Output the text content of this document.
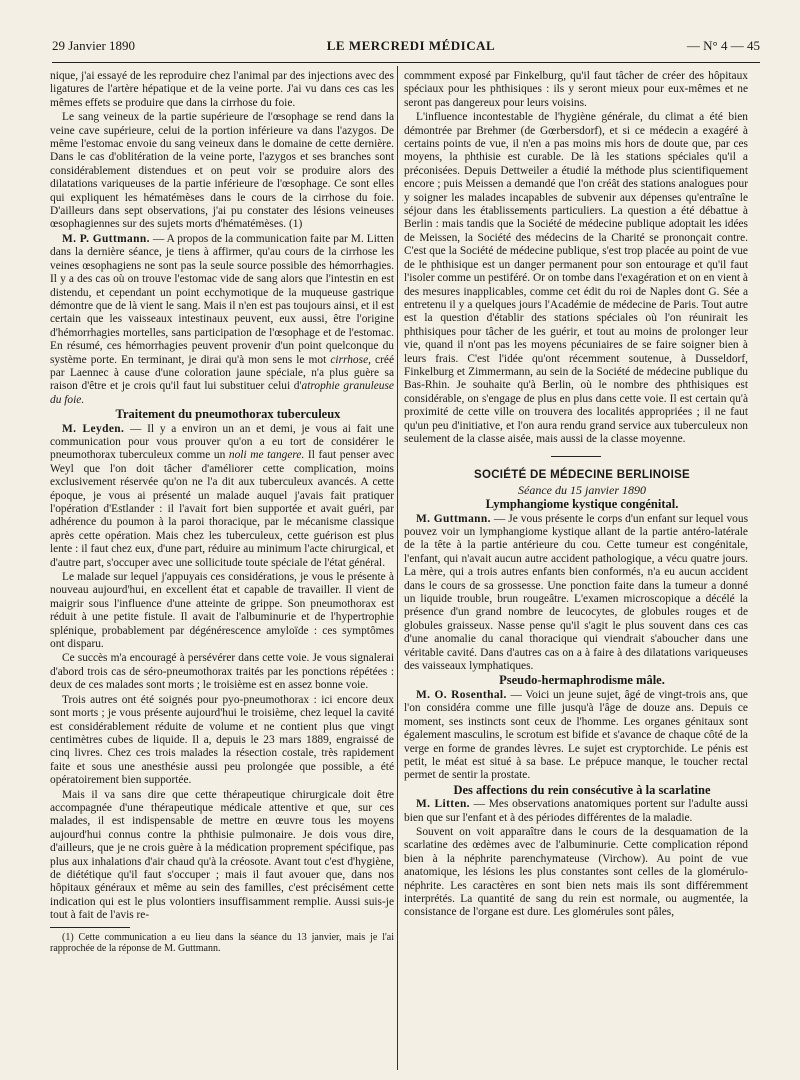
29 Janvier 1890	LE MERCREDI MÉDICAL	— N° 4 — 45

nique, j'ai essayé de les reproduire chez l'animal par des injections avec des ligatures de l'artère hépatique et de la veine porte. J'ai vu dans ces cas les mêmes effets se produire que dans la cirrhose du foie.

Le sang veineux de la partie supérieure de l'œsophage se rend dans la veine cave supérieure, celui de la portion inférieure va dans l'azygos. De même l'estomac envoie du sang veineux dans le domaine de cette dernière. Dans le cas d'oblitération de la veine porte, l'azygos et ses branches sont considérablement distendues et on peut voir se produire alors des dilatations variqueuses de la partie inférieure de l'œsophage. Ce sont elles qui expliquent les hématémèses dans le cours de la cirrhose du foie. D'ailleurs dans sept observations, j'ai pu constater des lésions veineuses œsophagiennes sur des sujets morts d'hématémèses. (1)

M. P. Guttmann. — A propos de la communication faite par M. Litten dans la dernière séance, je tiens à affirmer, qu'au cours de la cirrhose les veines œsophagiens ne sont pas la seule source possible des hémorrhagies. Il y a des cas où on trouve l'estomac vide de sang alors que l'intestin en est distendu, et cependant un point ecchymotique de la muqueuse gastrique démontre que de là vient le sang. Mais il n'en est pas toujours ainsi, et il est certain que les vaisseaux intestinaux peuvent, eux aussi, être l'origine d'hémorrhagies mortelles, sans participation de l'œsophage et de l'estomac. En résumé, ces hémorrhagies peuvent provenir d'un point quelconque du système porte. En terminant, je dirai qu'à mon sens le mot cirrhose, créé par Laennec à cause d'une coloration jaune spéciale, n'a plus guère sa raison d'être et je crois qu'il faut lui substituer celui d'atrophie granuleuse du foie.

Traitement du pneumothorax tuberculeux

M. Leyden. — Il y a environ un an et demi, je vous ai fait une communication pour vous prouver qu'on a eu tort de considérer le pneumothorax tuberculeux comme un noli me tangere. Il faut penser avec Weyl que l'on doit tâcher d'améliorer cette complication, moins exclusivement réservée qu'on ne l'a dit aux tuberculeux avancés. A cette époque, je vous ai présenté un malade auquel j'avais fait pratiquer l'opération d'Estlander : il l'avait fort bien supportée et avait guéri, par adhérence du poumon à la paroi thoracique, par le mécanisme classique après cette opération. Mais chez les tuberculeux, cette guérison est plus lente : il faut chez eux, d'une part, réduire au minimum l'acte chirurgical, et d'autre part, s'occuper avec une sollicitude toute spéciale de l'état général.

Le malade sur lequel j'appuyais ces considérations, je vous le présente à nouveau aujourd'hui, en excellent état et capable de travailler. Il vient de maigrir sous l'influence d'une atteinte de grippe. Son pneumothorax est réduit à une petite fistule. Il avait de l'albuminurie et de l'hypertrophie splénique, probablement par dégénérescence amyloïde : ces symptômes ont disparu.

Ce succès m'a encouragé à persévérer dans cette voie. Je vous signalerai d'abord trois cas de séro-pneumothorax traités par les ponctions répétées : deux de ces malades sont morts ; le troisième est en assez bonne voie.

Trois autres ont été soignés pour pyo-pneumothorax : ici encore deux sont morts ; je vous présente aujourd'hui le troisième, chez lequel la cavité est considérablement réduite de volume et ne contient plus que vingt centimètres cubes de liquide. Il a, depuis le 23 mars 1889, engraissé de cinq livres. Chez ces trois malades la résection costale, très rapidement faite et sous une anesthésie aussi peu prolongée que possible, a été opératoirement bien supportée.

Mais il va sans dire que cette thérapeutique chirurgicale doit être accompagnée d'une thérapeutique médicale attentive et que, sur ces malades, il est indispensable de mettre en œuvre tous les moyens aujourd'hui connus contre la phthisie pulmonaire. Je dois vous dire, d'ailleurs, que je ne crois guère à la médication proprement spécifique, pas plus aux inhalations d'air chaud qu'à la créosote. Avant tout c'est d'hygiène, de diététique qu'il faut s'occuper ; mais il faut avouer que, dans nos hôpitaux généraux et même au sein des familles, c'est précisément cette indication qui est le plus volontiers insuffisamment remplie. Aussi suis-je tout à fait de l'avis re-

(1) Cette communication a eu lieu dans la séance du 13 janvier, mais je l'ai rapprochée de la réponse de M. Guttmann.

commment exposé par Finkelburg, qu'il faut tâcher de créer des hôpitaux spéciaux pour les phthisiques : ils y seront mieux pour eux-mêmes et ne seront pas dangereux pour leurs voisins.

L'influence incontestable de l'hygiène générale, du climat a été bien démontrée par Brehmer (de Gœrbersdorf), et si ce médecin a exagéré à certains points de vue, il n'en a pas moins mis hors de doute que, par ces moyens, la phthisie est curable. De là les stations spéciales qu'il a préconisées. Depuis Dettweiler a étudié la méthode plus scientifiquement encore ; puis Meissen a demandé que l'on créât des stations analogues pour y soigner les malades incapables de subvenir aux dépenses qu'entraîne le séjour dans les établissements particuliers. La question a été débattue à Berlin : mais tandis que la Société de médecine publique adoptait les idées de Meissen, la Société des médecins de la Charité se prononçait contre. C'est que la Société de médecine publique, s'est trop placée au point de vue de le phthisique est un danger permanent pour son entourage et qu'il faut l'isoler comme un pestiféré. Or on tombe dans l'exagération et on en vient à des mesures inapplicables, comme cet édit du roi de Naples dont G. Sée a entretenu il y a quelques jours l'Académie de médecine de Paris. Tout autre est la question d'établir des stations spéciales où l'on réunirait les phthisiques pour tâcher de les guérir, et tout au moins de prolonger leur vie, quand il n'ont pas les moyens pécuniaires de se faire soigner bien à leurs frais. C'est l'idée qu'ont récemment soutenue, à Dusseldorf, Finkelburg et Zimmermann, au sein de la Société de médecine publique du Bas-Rhin. Je souhaite qu'à Berlin, où le nombre des phthisiques est considérable, on s'engage de plus en plus dans cette voie. Il est certain qu'à proximité de cette ville on trouvera des localités appropriées ; il ne faut qu'un peu d'initiative, et l'on aura rendu grand service aux tuberculeux non seulement de la classe aisée, mais aussi de la classe moyenne.

SOCIÉTÉ DE MÉDECINE BERLINOISE

Séance du 15 janvier 1890

Lymphangiome kystique congénital.

M. Guttmann. — Je vous présente le corps d'un enfant sur lequel vous pouvez voir un lymphangiome kystique allant de la partie antéro-latérale de la tête à la partie antérieure du cou. Cette tumeur est congénitale, l'enfant, qui n'avait aucun autre accident pathologique, a vécu quatre jours. La mère, qui a trois autres enfants bien conformés, n'a eu aucun accident dans le cours de sa grossesse. Une ponction faite dans la tumeur a donné un liquide trouble, brun rougeâtre. L'examen microscopique a décélé la présence d'un grand nombre de leucocytes, de globules rouges et de globules graisseux. Nasse pense qu'il s'agit le plus souvent dans ces cas d'une anomalie du canal thoracique qui viendrait s'aboucher dans une véritable cavité. Dans d'autres cas on a à faire à des dilatations variqueuses des vaisseaux lymphatiques.

Pseudo-hermaphrodisme mâle.

M. O. Rosenthal. — Voici un jeune sujet, âgé de vingt-trois ans, que l'on considéra comme une fille jusqu'à l'âge de douze ans. Depuis ce moment, ses instincts sont ceux de l'homme. Les organes génitaux sont également masculins, le scrotum est bifide et s'avance de chaque côté de la verge en forme de grandes lèvres. Le sujet est cryptorchide. Le pénis est petit, le méat est situé à sa base. Le prépuce manque, le toucher rectal permet de sentir la prostate.

Des affections du rein consécutive à la scarlatine

M. Litten. — Mes observations anatomiques portent sur l'adulte aussi bien que sur l'enfant et à des périodes différentes de la maladie.

Souvent on voit apparaître dans le cours de la desquamation de la scarlatine des œdèmes avec de l'albuminurie. Cette complication répond bien à la néphrite parenchymateuse (Virchow). Au point de vue anatomique, les lésions les plus constantes sont celles de la glomérulo-néphrite. Les caractères en sont bien nets mais ils sont différemment interprétés. La quantité de sang du rein est normale, ou augmentée, la consistance de l'organe est dure. Les glomérules sont pâles,
